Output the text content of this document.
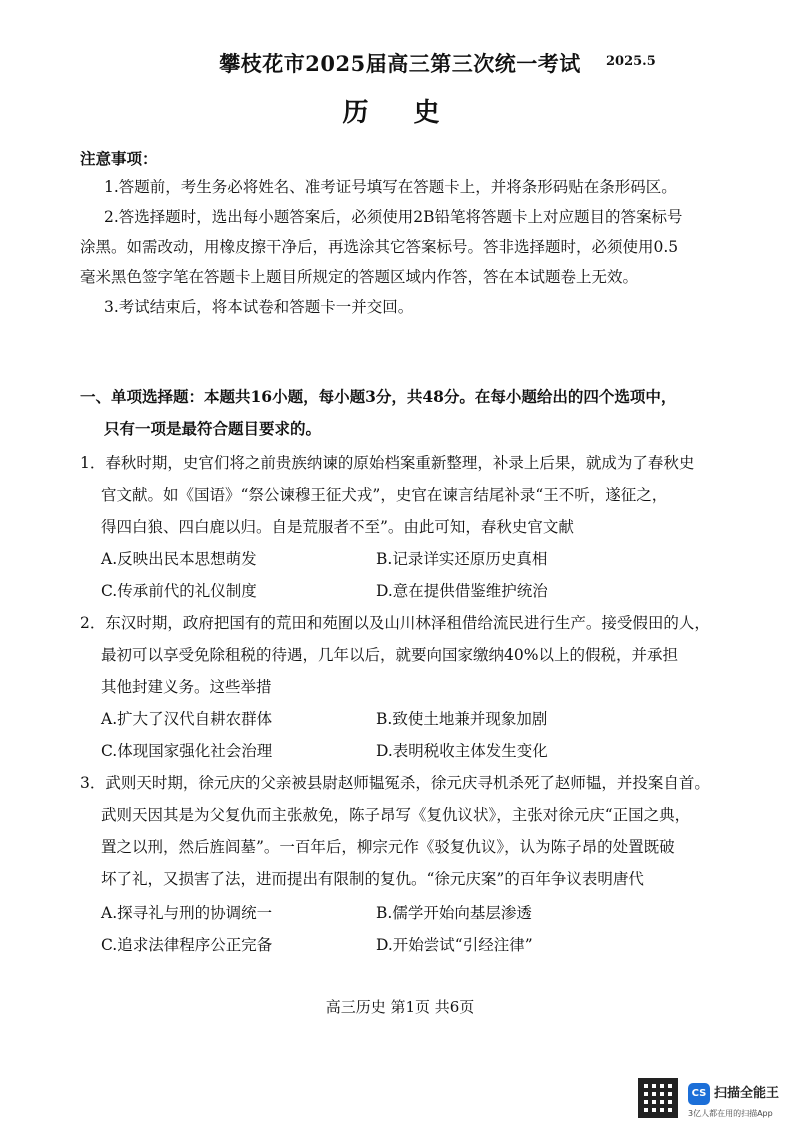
攀枝花市2025届高三第三次统一考试	2025.5
历 史
注意事项：
1.答题前，考生务必将姓名、准考证号填写在答题卡上，并将条形码贴在条形码区。
2.答选择题时，选出每小题答案后，必须使用2B铅笔将答题卡上对应题目的答案标号
涂黑。如需改动，用橡皮擦干净后，再选涂其它答案标号。答非选择题时，必须使用0.5
毫米黑色签字笔在答题卡上题目所规定的答题区域内作答，答在本试题卷上无效。
3.考试结束后，将本试卷和答题卡一并交回。
一、单项选择题：本题共16小题，每小题3分，共48分。在每小题给出的四个选项中，
只有一项是最符合题目要求的。
1．春秋时期，史官们将之前贵族纳谏的原始档案重新整理，补录上后果，就成为了春秋史
官文献。如《国语》“祭公谏穆王征犬戎”，史官在谏言结尾补录“王不听，遂征之，
得四白狼、四白鹿以归。自是荒服者不至”。由此可知，春秋史官文献
A.反映出民本思想萌发	B.记录详实还原历史真相
C.传承前代的礼仪制度	D.意在提供借鉴维护统治
2．东汉时期，政府把国有的荒田和苑囿以及山川林泽租借给流民进行生产。接受假田的人，
最初可以享受免除租税的待遇，几年以后，就要向国家缴纳40%以上的假税，并承担
其他封建义务。这些举措
A.扩大了汉代自耕农群体	B.致使土地兼并现象加剧
C.体现国家强化社会治理	D.表明税收主体发生变化
3．武则天时期，徐元庆的父亲被县尉赵师韫冤杀，徐元庆寻机杀死了赵师韫，并投案自首。
武则天因其是为父复仇而主张赦免，陈子昂写《复仇议状》，主张对徐元庆“正国之典，
置之以刑，然后旌闾墓”。一百年后，柳宗元作《驳复仇议》，认为陈子昂的处置既破
坏了礼，又损害了法，进而提出有限制的复仇。“徐元庆案”的百年争议表明唐代
A.探寻礼与刑的协调统一	B.儒学开始向基层渗透
C.追求法律程序公正完备	D.开始尝试“引经注律”
高三历史 第1页 共6页
CS 扫描全能王
3亿人都在用的扫描App
